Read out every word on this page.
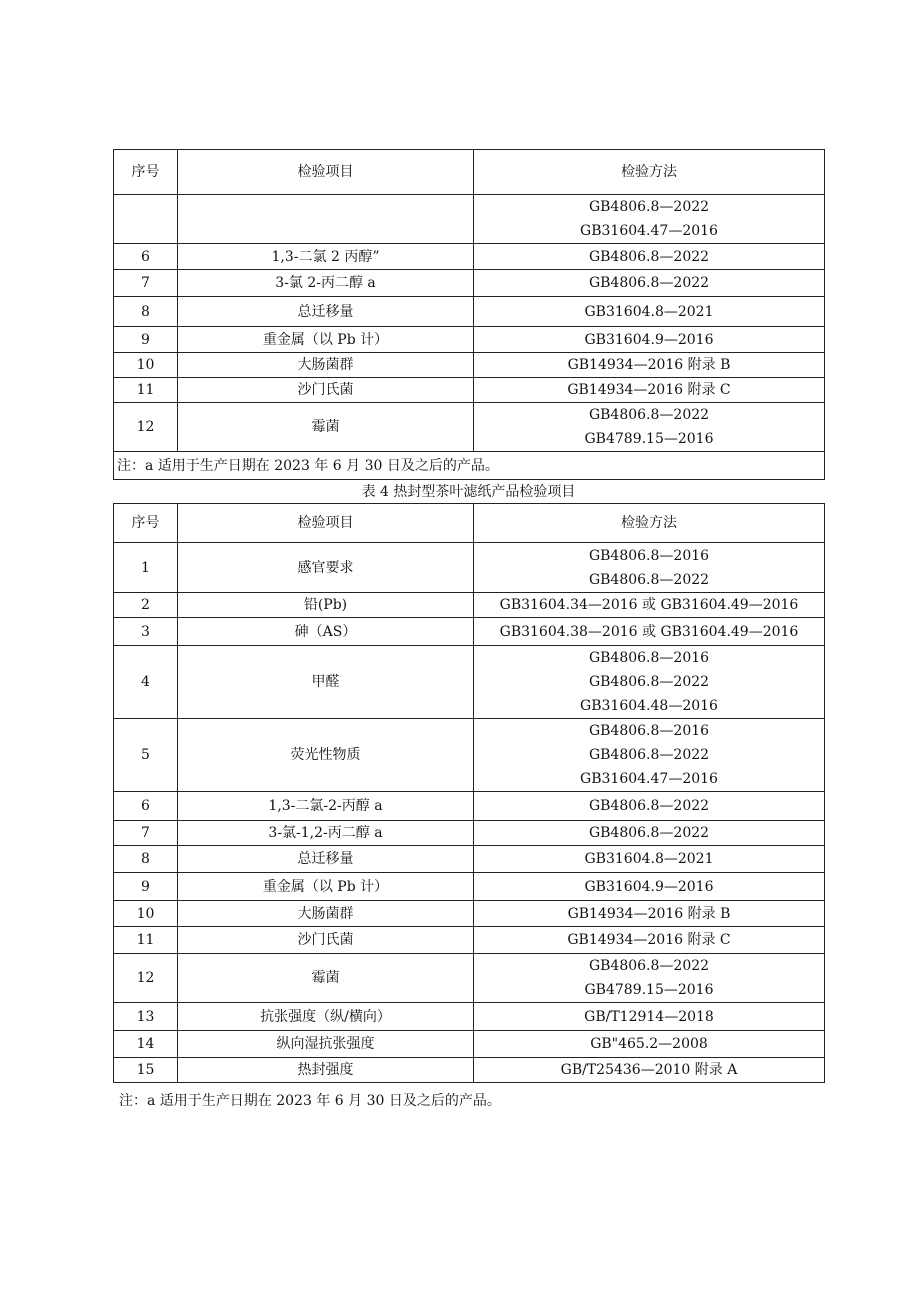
序号	检验项目	检验方法

		GB4806.8—2022
GB31604.47—2016

6	1,3-二氯 2 丙醇”	GB4806.8—2022

7	3-氯 2-丙二醇 a	GB4806.8—2022

8	总迁移量	GB31604.8—2021

9	重金属（以 Pb 计）	GB31604.9—2016

10	大肠菌群	GB14934—2016 附录 B

11	沙门氏菌	GB14934—2016 附录 C

12	霉菌	GB4806.8—2022
GB4789.15—2016

注：a 适用于生产日期在 2023 年 6 月 30 日及之后的产品。		
表 4 热封型茶叶滤纸产品检验项目
序号	检验项目	检验方法
1	感官要求	GB4806.8—2016
GB4806.8—2022

2	铅(Pb)	GB31604.34—2016 或 GB31604.49—2016

3	砷（AS）	GB31604.38—2016 或 GB31604.49—2016

4	甲醛	GB4806.8—2016
GB4806.8—2022
GB31604.48—2016

5	荧光性物质	GB4806.8—2016
GB4806.8—2022
GB31604.47—2016

6	1,3-二氯-2-丙醇 a	GB4806.8—2022

7	3-氯-1,2-丙二醇 a	GB4806.8—2022

8	总迁移量	GB31604.8—2021

9	重金属（以 Pb 计）	GB31604.9—2016

10	大肠菌群	GB14934—2016 附录 B

11	沙门氏菌	GB14934—2016 附录 C

12	霉菌	GB4806.8—2022
GB4789.15—2016

13	抗张强度（纵/横向）	GB/T12914—2018

14	纵向湿抗张强度	GB"465.2—2008

15	热封强度	GB/T25436—2010 附录 A
注：a 适用于生产日期在 2023 年 6 月 30 日及之后的产品。
